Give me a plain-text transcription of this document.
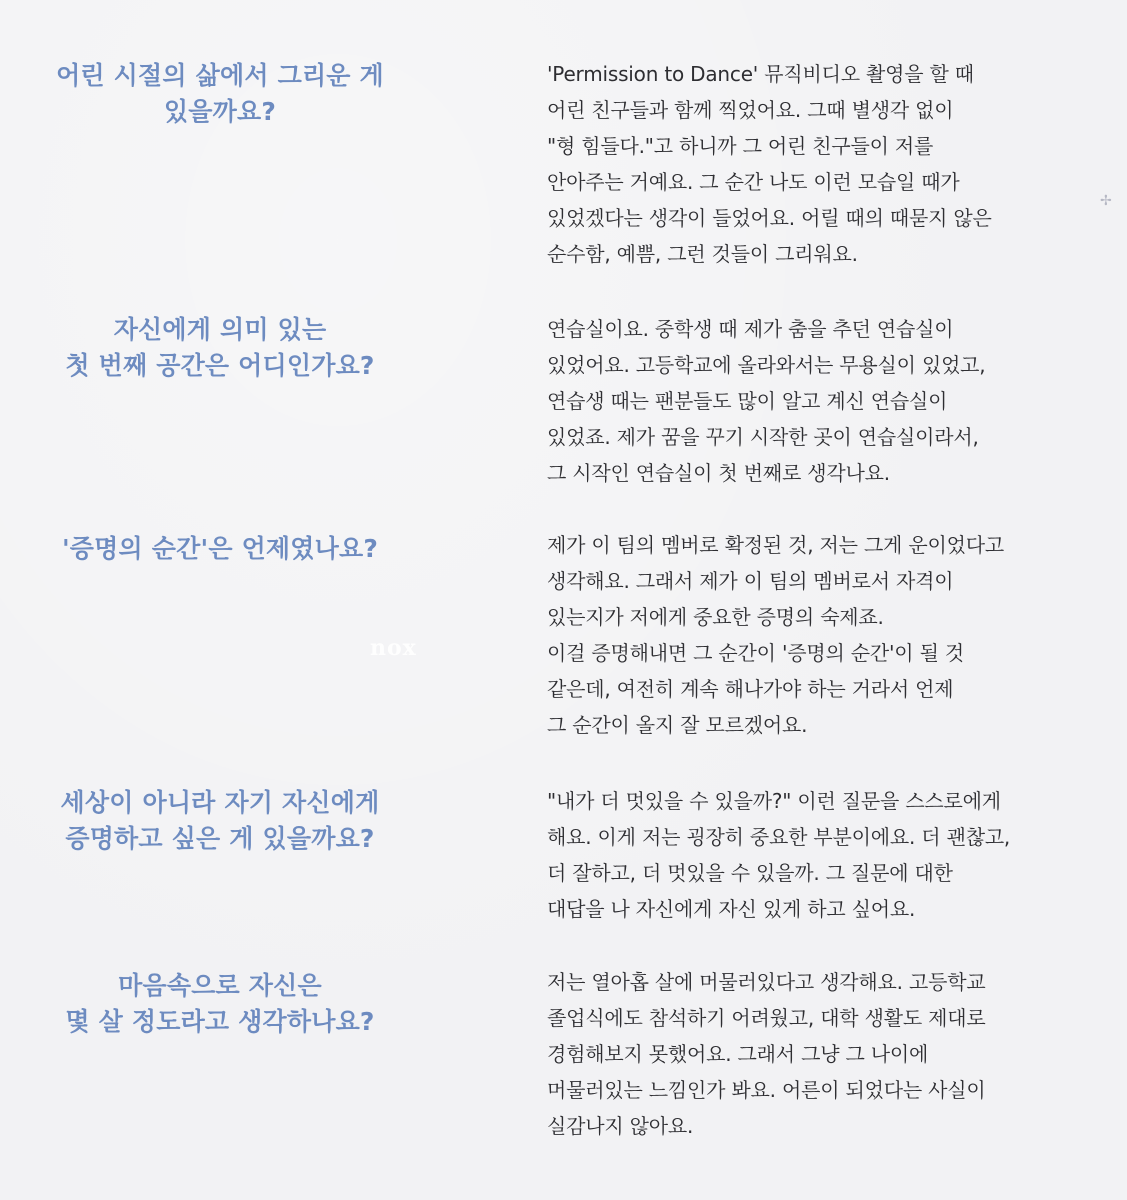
어린 시절의 삶에서 그리운 게
있을까요?
'Permission to Dance' 뮤직비디오 촬영을 할 때
어린 친구들과 함께 찍었어요. 그때 별생각 없이
"형 힘들다."고 하니까 그 어린 친구들이 저를
안아주는 거예요. 그 순간 나도 이런 모습일 때가
있었겠다는 생각이 들었어요. 어릴 때의 때묻지 않은
순수함, 예쁨, 그런 것들이 그리워요.
자신에게 의미 있는
첫 번째 공간은 어디인가요?
연습실이요. 중학생 때 제가 춤을 추던 연습실이
있었어요. 고등학교에 올라와서는 무용실이 있었고,
연습생 때는 팬분들도 많이 알고 계신 연습실이
있었죠. 제가 꿈을 꾸기 시작한 곳이 연습실이라서,
그 시작인 연습실이 첫 번째로 생각나요.
'증명의 순간'은 언제였나요?	제가 이 팀의 멤버로 확정된 것, 저는 그게 운이었다고
생각해요. 그래서 제가 이 팀의 멤버로서 자격이
있는지가 저에게 중요한 증명의 숙제죠.
이걸 증명해내면 그 순간이 '증명의 순간'이 될 것
같은데, 여전히 계속 해나가야 하는 거라서 언제
그 순간이 올지 잘 모르겠어요.
세상이 아니라 자기 자신에게
증명하고 싶은 게 있을까요?
"내가 더 멋있을 수 있을까?" 이런 질문을 스스로에게
해요. 이게 저는 굉장히 중요한 부분이에요. 더 괜찮고,
더 잘하고, 더 멋있을 수 있을까. 그 질문에 대한
대답을 나 자신에게 자신 있게 하고 싶어요.
마음속으로 자신은
몇 살 정도라고 생각하나요?
저는 열아홉 살에 머물러있다고 생각해요. 고등학교
졸업식에도 참석하기 어려웠고, 대학 생활도 제대로
경험해보지 못했어요. 그래서 그냥 그 나이에
머물러있는 느낌인가 봐요. 어른이 되었다는 사실이
실감나지 않아요.
nox
✢
